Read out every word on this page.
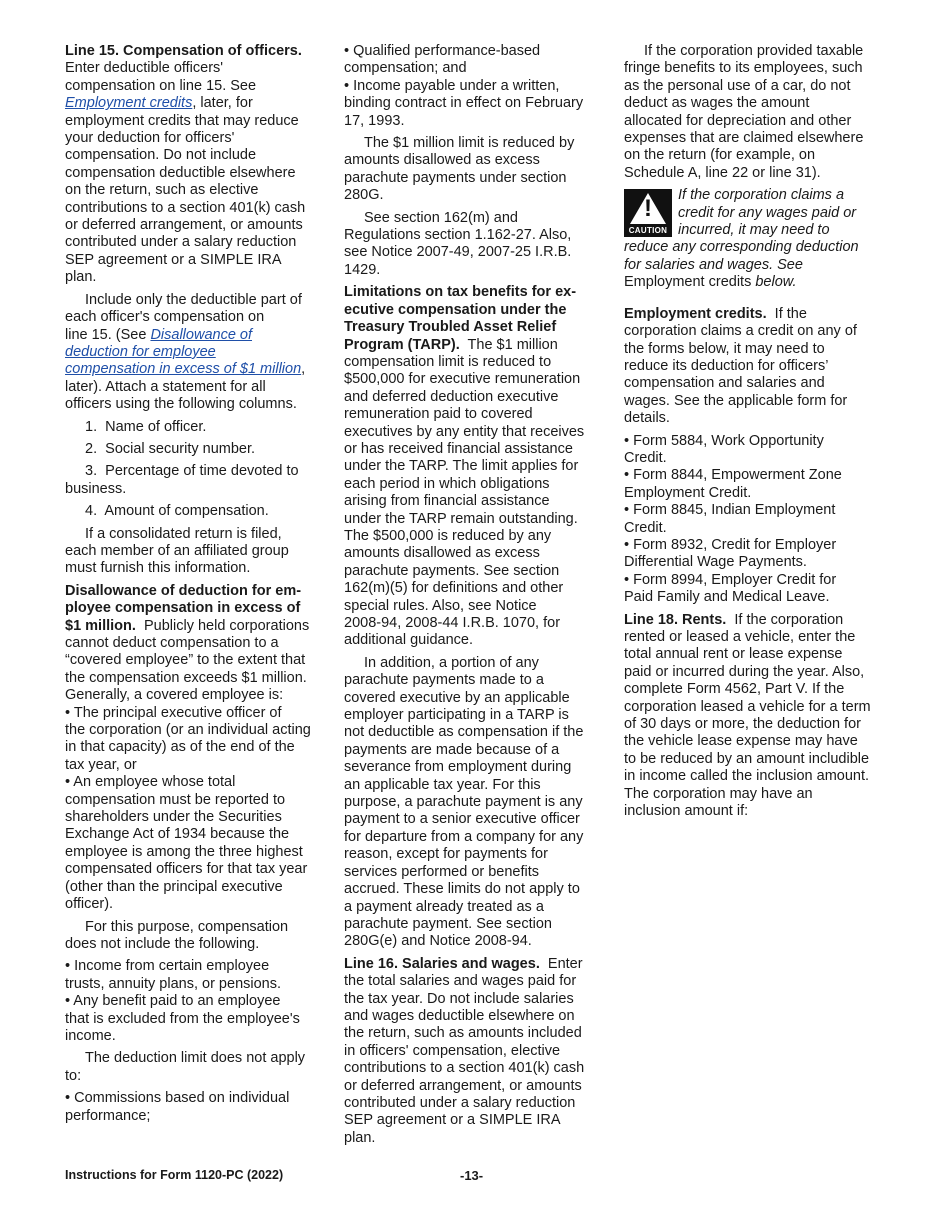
Line 15. Compensation of officers.
Enter deductible officers'
compensation on line 15. See
Employment credits, later, for
employment credits that may reduce
your deduction for officers'
compensation. Do not include
compensation deductible elsewhere
on the return, such as elective
contributions to a section 401(k) cash
or deferred arrangement, or amounts
contributed under a salary reduction
SEP agreement or a SIMPLE IRA
plan.
Include only the deductible part of
each officer's compensation on
line 15. (See Disallowance of
deduction for employee
compensation in excess of $1 million,
later). Attach a statement for all
officers using the following columns.
1.  Name of officer.
2.  Social security number.
3.  Percentage of time devoted to
business.
4.  Amount of compensation.
If a consolidated return is filed,
each member of an affiliated group
must furnish this information.
Disallowance of deduction for em-
ployee compensation in excess of
$1 million.  Publicly held corporations
cannot deduct compensation to a
“covered employee” to the extent that
the compensation exceeds $1 million.
Generally, a covered employee is:
• The principal executive officer of
the corporation (or an individual acting
in that capacity) as of the end of the
tax year, or
• An employee whose total
compensation must be reported to
shareholders under the Securities
Exchange Act of 1934 because the
employee is among the three highest
compensated officers for that tax year
(other than the principal executive
officer).
For this purpose, compensation
does not include the following.
• Income from certain employee
trusts, annuity plans, or pensions.
• Any benefit paid to an employee
that is excluded from the employee's
income.
The deduction limit does not apply
to:
• Commissions based on individual
performance;
• Qualified performance-based
compensation; and
• Income payable under a written,
binding contract in effect on February
17, 1993.
The $1 million limit is reduced by
amounts disallowed as excess
parachute payments under section
280G.
See section 162(m) and
Regulations section 1.162-27. Also,
see Notice 2007-49, 2007-25 I.R.B.
1429.
Limitations on tax benefits for ex-
ecutive compensation under the
Treasury Troubled Asset Relief
Program (TARP).  The $1 million
compensation limit is reduced to
$500,000 for executive remuneration
and deferred deduction executive
remuneration paid to covered
executives by any entity that receives
or has received financial assistance
under the TARP. The limit applies for
each period in which obligations
arising from financial assistance
under the TARP remain outstanding.
The $500,000 is reduced by any
amounts disallowed as excess
parachute payments. See section
162(m)(5) for definitions and other
special rules. Also, see Notice
2008-94, 2008-44 I.R.B. 1070, for
additional guidance.
In addition, a portion of any
parachute payments made to a
covered executive by an applicable
employer participating in a TARP is
not deductible as compensation if the
payments are made because of a
severance from employment during
an applicable tax year. For this
purpose, a parachute payment is any
payment to a senior executive officer
for departure from a company for any
reason, except for payments for
services performed or benefits
accrued. These limits do not apply to
a payment already treated as a
parachute payment. See section
280G(e) and Notice 2008-94.
Line 16. Salaries and wages.  Enter
the total salaries and wages paid for
the tax year. Do not include salaries
and wages deductible elsewhere on
the return, such as amounts included
in officers' compensation, elective
contributions to a section 401(k) cash
or deferred arrangement, or amounts
contributed under a salary reduction
SEP agreement or a SIMPLE IRA
plan.
If the corporation provided taxable
fringe benefits to its employees, such
as the personal use of a car, do not
deduct as wages the amount
allocated for depreciation and other
expenses that are claimed elsewhere
on the return (for example, on
Schedule A, line 22 or line 31).
!
CAUTION
If the corporation claims a
credit for any wages paid or
incurred, it may need to
reduce any corresponding deduction
for salaries and wages. See
Employment credits below.
Employment credits.  If the
corporation claims a credit on any of
the forms below, it may need to
reduce its deduction for officers’
compensation and salaries and
wages. See the applicable form for
details.
• Form 5884, Work Opportunity
Credit.
• Form 8844, Empowerment Zone
Employment Credit.
• Form 8845, Indian Employment
Credit.
• Form 8932, Credit for Employer
Differential Wage Payments.
• Form 8994, Employer Credit for
Paid Family and Medical Leave.
Line 18. Rents.  If the corporation
rented or leased a vehicle, enter the
total annual rent or lease expense
paid or incurred during the year. Also,
complete Form 4562, Part V. If the
corporation leased a vehicle for a term
of 30 days or more, the deduction for
the vehicle lease expense may have
to be reduced by an amount includible
in income called the inclusion amount.
The corporation may have an
inclusion amount if:
Instructions for Form 1120-PC (2022)	-13-
